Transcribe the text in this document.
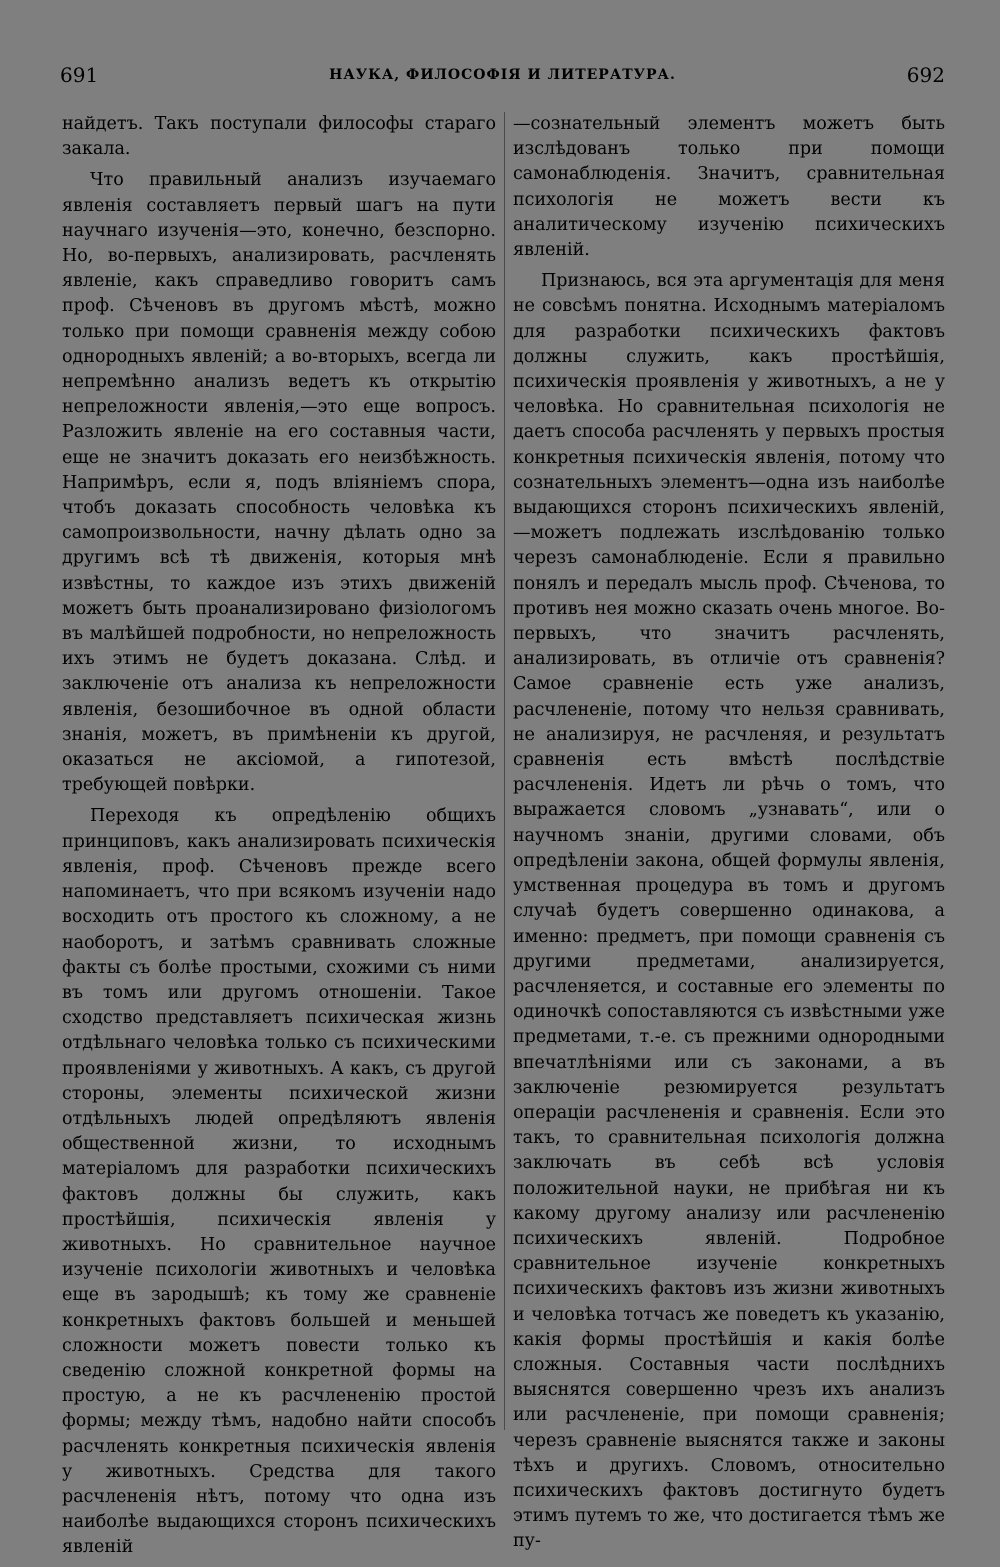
691	НАУКА, ФИЛОСОФІЯ И ЛИТЕРАТУРА.	692

найдетъ. Такъ поступали философы стараго закала.

Что правильный анализъ изучаемаго явленія составляетъ первый шагъ на пути научнаго изученія—это, конечно, безспорно. Но, во-первыхъ, анализировать, расчленять явленіе, какъ справедливо говоритъ самъ проф. Сѣченовъ въ другомъ мѣстѣ, можно только при помощи сравненія между собою однородныхъ явленій; а во-вторыхъ, всегда ли непремѣнно анализъ ведетъ къ открытію непреложности явленія,—это еще вопросъ. Разложить явленіе на его составныя части, еще не значитъ доказать его неизбѣжность. Напримѣръ, если я, подъ вліяніемъ спора, чтобъ доказать способность человѣка къ самопроизвольности, начну дѣлать одно за другимъ всѣ тѣ движенія, которыя мнѣ извѣстны, то каждое изъ этихъ движеній можетъ быть проанализировано физіологомъ въ малѣйшей подробности, но непреложность ихъ этимъ не будетъ доказана. Слѣд. и заключеніе отъ анализа къ непреложности явленія, безошибочное въ одной области знанія, можетъ, въ примѣненіи къ другой, оказаться не аксіомой, а гипотезой, требующей повѣрки.

Переходя къ опредѣленію общихъ принциповъ, какъ анализировать психическія явленія, проф. Сѣченовъ прежде всего напоминаетъ, что при всякомъ изученіи надо восходить отъ простого къ сложному, а не наоборотъ, и затѣмъ сравнивать сложные факты съ болѣе простыми, схожими съ ними въ томъ или другомъ отношеніи. Такое сходство представляетъ психическая жизнь отдѣльнаго человѣка только съ психическими проявленіями у животныхъ. А какъ, съ другой стороны, элементы психической жизни отдѣльныхъ людей опредѣляютъ явленія общественной жизни, то исходнымъ матеріаломъ для разработки психическихъ фактовъ должны бы служить, какъ простѣйшія, психическія явленія у животныхъ. Но сравнительное научное изученіе психологіи животныхъ и человѣка еще въ зародышѣ; къ тому же сравненіе конкретныхъ фактовъ большей и меньшей сложности можетъ повести только къ сведенію сложной конкретной формы на простую, а не къ расчлененію простой формы; между тѣмъ, надобно найти способъ расчленять конкретныя психическія явленія у животныхъ. Средства для такого расчлененія нѣтъ, потому что одна изъ наиболѣе выдающихся сторонъ психическихъ явленій

—сознательный элементъ можетъ быть изслѣдованъ только при помощи самонаблюденія. Значитъ, сравнительная психологія не можетъ вести къ аналитическому изученію психическихъ явленій.

Признаюсь, вся эта аргументація для меня не совсѣмъ понятна. Исходнымъ матеріаломъ для разработки психическихъ фактовъ должны служить, какъ простѣйшія, психическія проявленія у животныхъ, а не у человѣка. Но сравнительная психологія не даетъ способа расчленять у первыхъ простыя конкретныя психическія явленія, потому что сознательныхъ элементъ—одна изъ наиболѣе выдающихся сторонъ психическихъ явленій,—можетъ подлежать изслѣдованію только черезъ самонаблюденіе. Если я правильно понялъ и передалъ мысль проф. Сѣченова, то противъ нея можно сказать очень многое. Во-первыхъ, что значитъ расчленять, анализировать, въ отличіе отъ сравненія? Самое сравненіе есть уже анализъ, расчлененіе, потому что нельзя сравнивать, не анализируя, не расчленяя, и результатъ сравненія есть вмѣстѣ послѣдствіе расчлененія. Идетъ ли рѣчь о томъ, что выражается словомъ „узнавать“, или о научномъ знаніи, другими словами, объ опредѣленіи закона, общей формулы явленія, умственная процедура въ томъ и другомъ случаѣ будетъ совершенно одинакова, а именно: предметъ, при помощи сравненія съ другими предметами, анализируется, расчленяется, и составные его элементы по одиночкѣ сопоставляются съ извѣстными уже предметами, т.-е. съ прежними однородными впечатлѣніями или съ законами, а въ заключеніе резюмируется результатъ операціи расчлененія и сравненія. Если это такъ, то сравнительная психологія должна заключать въ себѣ всѣ условія положительной науки, не прибѣгая ни къ какому другому анализу или расчлененію психическихъ явленій. Подробное сравнительное изученіе конкретныхъ психическихъ фактовъ изъ жизни животныхъ и человѣка тотчасъ же поведетъ къ указанію, какія формы простѣйшія и какія болѣе сложныя. Составныя части послѣднихъ выяснятся совершенно чрезъ ихъ анализъ или расчлененіе, при помощи сравненія; черезъ сравненіе выяснятся также и законы тѣхъ и другихъ. Словомъ, относительно психическихъ фактовъ достигнуто будетъ этимъ путемъ то же, что достигается тѣмъ же пу-
